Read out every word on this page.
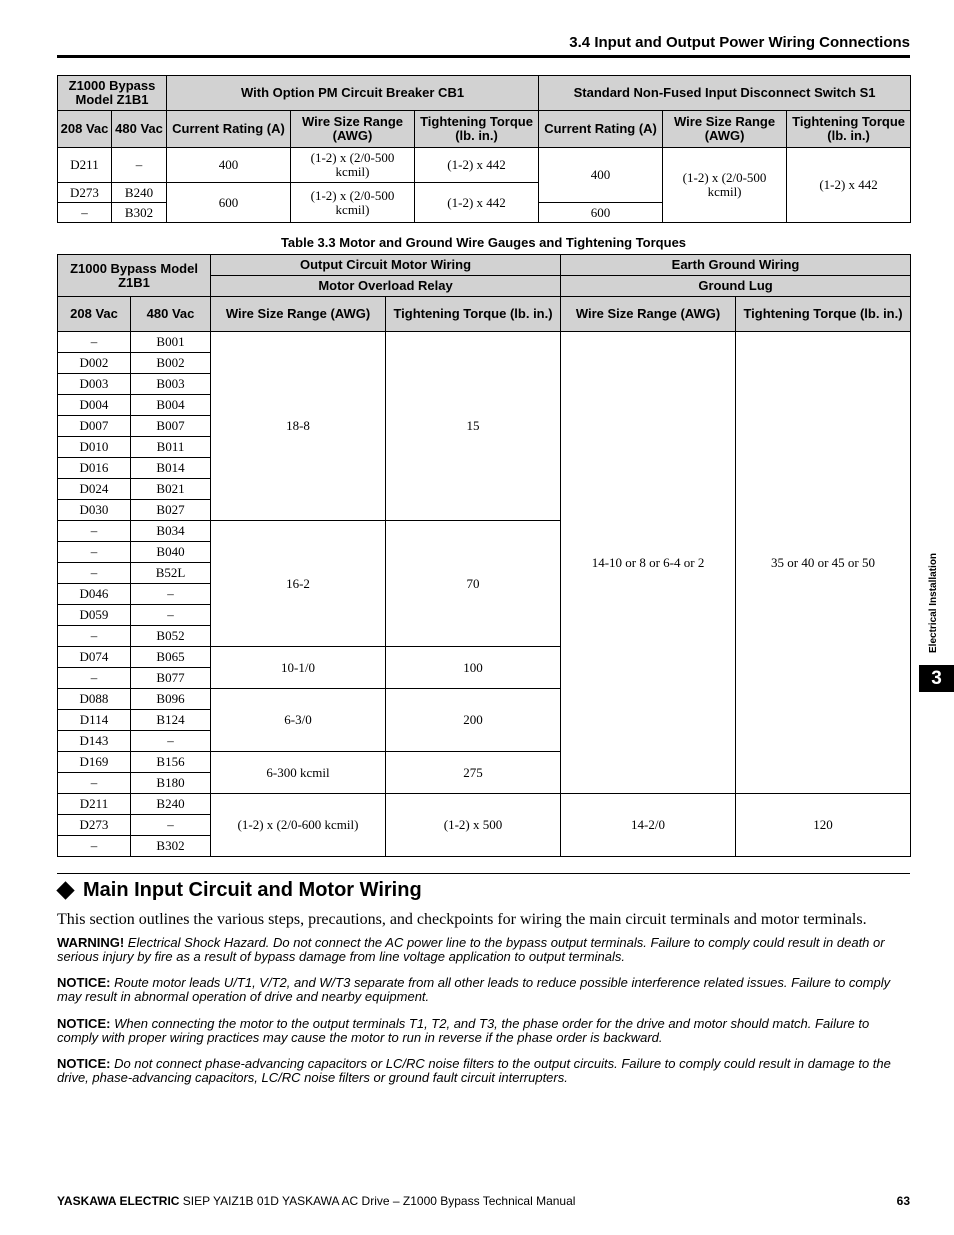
3.4 Input and Output Power Wiring Connections
Z1000 Bypass Model Z1B1		With Option PM Circuit Breaker CB1			Standard Non-Fused Input Disconnect Switch S1		
208 Vac	480 Vac	Current Rating (A)	Wire Size Range (AWG)	Tightening Torque (lb. in.)	Current Rating (A)	Wire Size Range (AWG)	Tightening Torque (lb. in.)
D211	–	400	(1-2) x (2/0-500 kcmil)	(1-2) x 442	400	(1-2) x (2/0-500 kcmil)	(1-2) x 442
D273	B240	600	(1-2) x (2/0-500 kcmil)	(1-2) x 442			
–	B302				600		
Table 3.3 Motor and Ground Wire Gauges and Tightening Torques
Z1000 Bypass Model Z1B1		Output Circuit Motor Wiring		Earth Ground Wiring	
		Motor Overload Relay		Ground Lug	
208 Vac	480 Vac	Wire Size Range (AWG)	Tightening Torque (lb. in.)	Wire Size Range (AWG)	Tightening Torque (lb. in.)
–	B001	18-8	15	14-10 or 8 or 6-4 or 2	35 or 40 or 45 or 50
D002	B002				
D003	B003				
D004	B004				
D007	B007				
D010	B011				
D016	B014				
D024	B021				
D030	B027				
–	B034	16-2	70		
–	B040				
–	B52L				
D046	–				
D059	–				
–	B052				
D074	B065	10-1/0	100		
–	B077				
D088	B096	6-3/0	200		
D114	B124				
D143	–				
D169	B156	6-300 kcmil	275		
–	B180				
D211	B240	(1-2) x (2/0-600 kcmil)	(1-2) x 500	14-2/0	120
D273	–				
–	B302				
Main Input Circuit and Motor Wiring
This section outlines the various steps, precautions, and checkpoints for wiring the main circuit terminals and motor terminals.
WARNING! Electrical Shock Hazard. Do not connect the AC power line to the bypass output terminals. Failure to comply could result in death or serious injury by fire as a result of bypass damage from line voltage application to output terminals.
NOTICE: Route motor leads U/T1, V/T2, and W/T3 separate from all other leads to reduce possible interference related issues. Failure to comply may result in abnormal operation of drive and nearby equipment.
NOTICE: When connecting the motor to the output terminals T1, T2, and T3, the phase order for the drive and motor should match. Failure to comply with proper wiring practices may cause the motor to run in reverse if the phase order is backward.
NOTICE: Do not connect phase-advancing capacitors or LC/RC noise filters to the output circuits. Failure to comply could result in damage to the drive, phase-advancing capacitors, LC/RC noise filters or ground fault circuit interrupters.
Electrical Installation
3
YASKAWA ELECTRIC SIEP YAIZ1B 01D YASKAWA AC Drive – Z1000 Bypass Technical Manual	63
